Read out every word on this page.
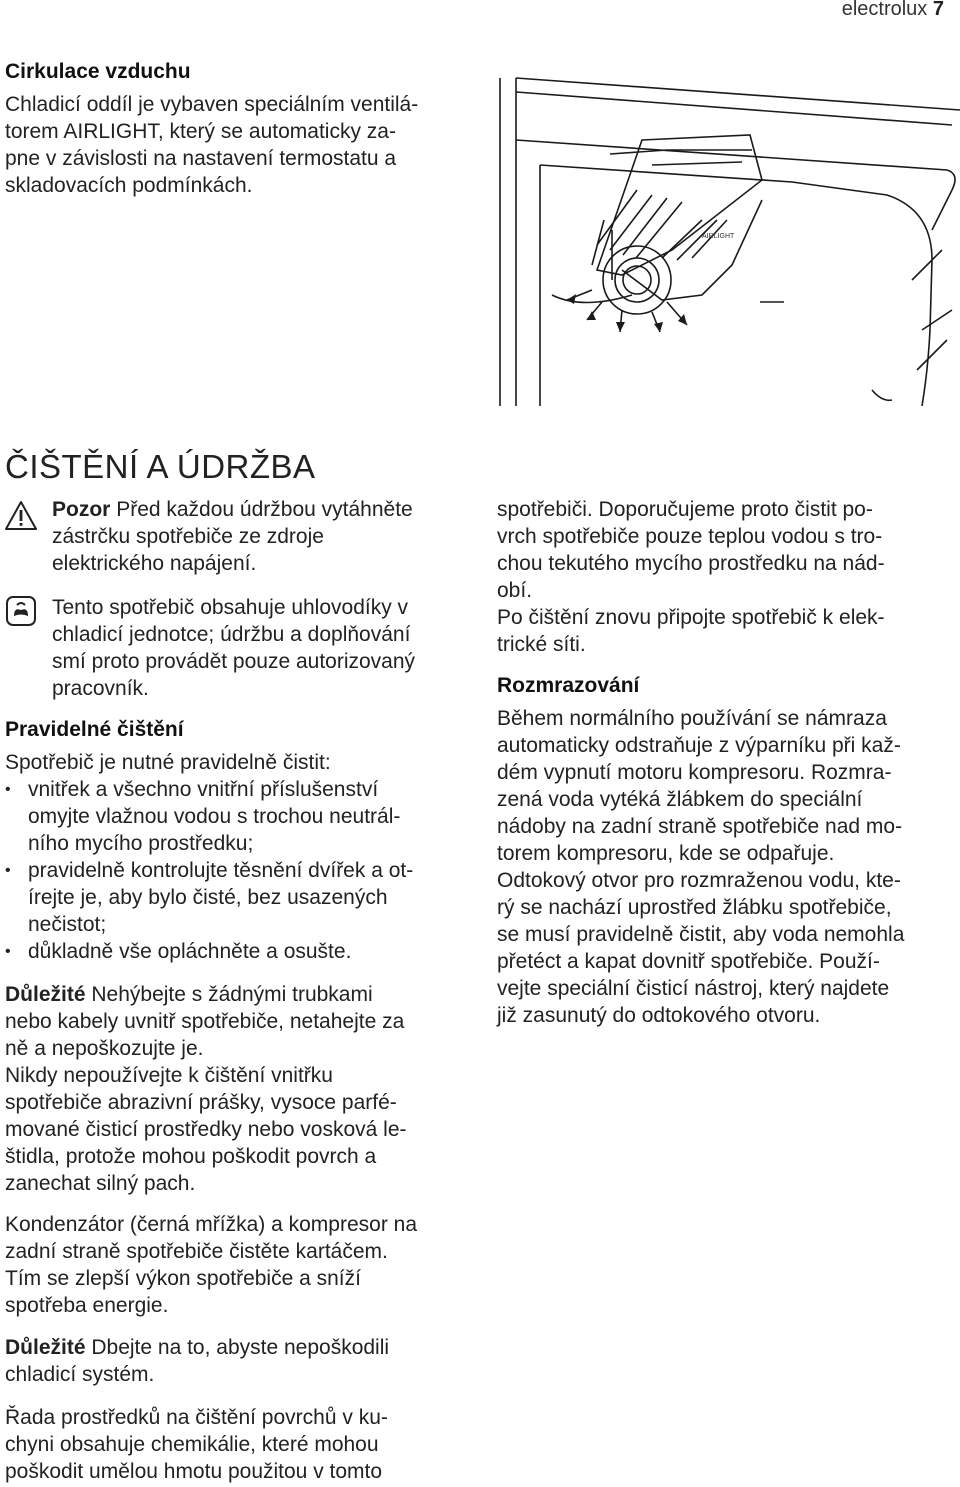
electrolux 7

Cirkulace vzduchu

Chladicí oddíl je vybaven speciálním ventilá-

torem AIRLIGHT, který se automaticky za-

pne v závislosti na nastavení termostatu a

skladovacích podmínkách.

AIRLIGHT
ČIŠTĚNÍ A ÚDRŽBA

Pozor Před každou údržbou vytáhněte

zástrčku spotřebiče ze zdroje

elektrického napájení.

Tento spotřebič obsahuje uhlovodíky v

chladicí jednotce; údržbu a doplňování

smí proto provádět pouze autorizovaný

pracovník.

Pravidelné čištění

Spotřebič je nutné pravidelně čistit:

• vnitřek a všechno vnitřní příslušenství

omyjte vlažnou vodou s trochou neutrál-

ního mycího prostředku;

• pravidelně kontrolujte těsnění dvířek a ot-

írejte je, aby bylo čisté, bez usazených

nečistot;

• důkladně vše opláchněte a osušte.

Důležité Nehýbejte s žádnými trubkami

nebo kabely uvnitř spotřebiče, netahejte za

ně a nepoškozujte je.

Nikdy nepoužívejte k čištění vnitřku

spotřebiče abrazivní prášky, vysoce parfé-

mované čisticí prostředky nebo vosková le-

štidla, protože mohou poškodit povrch a

zanechat silný pach.

Kondenzátor (černá mřížka) a kompresor na

zadní straně spotřebiče čistěte kartáčem.

Tím se zlepší výkon spotřebiče a sníží

spotřeba energie.

Důležité Dbejte na to, abyste nepoškodili

chladicí systém.

Řada prostředků na čištění povrchů v ku-

chyni obsahuje chemikálie, které mohou

poškodit umělou hmotu použitou v tomto

spotřebiči. Doporučujeme proto čistit po-

vrch spotřebiče pouze teplou vodou s tro-

chou tekutého mycího prostředku na nád-

obí.

Po čištění znovu připojte spotřebič k elek-

trické síti.

Rozmrazování

Během normálního používání se námraza

automaticky odstraňuje z výparníku při kaž-

dém vypnutí motoru kompresoru. Rozmra-

zená voda vytéká žlábkem do speciální

nádoby na zadní straně spotřebiče nad mo-

torem kompresoru, kde se odpařuje.

Odtokový otvor pro rozmraženou vodu, kte-

rý se nachází uprostřed žlábku spotřebiče,

se musí pravidelně čistit, aby voda nemohla

přetéct a kapat dovnitř spotřebiče. Použí-

vejte speciální čisticí nástroj, který najdete

již zasunutý do odtokového otvoru.
